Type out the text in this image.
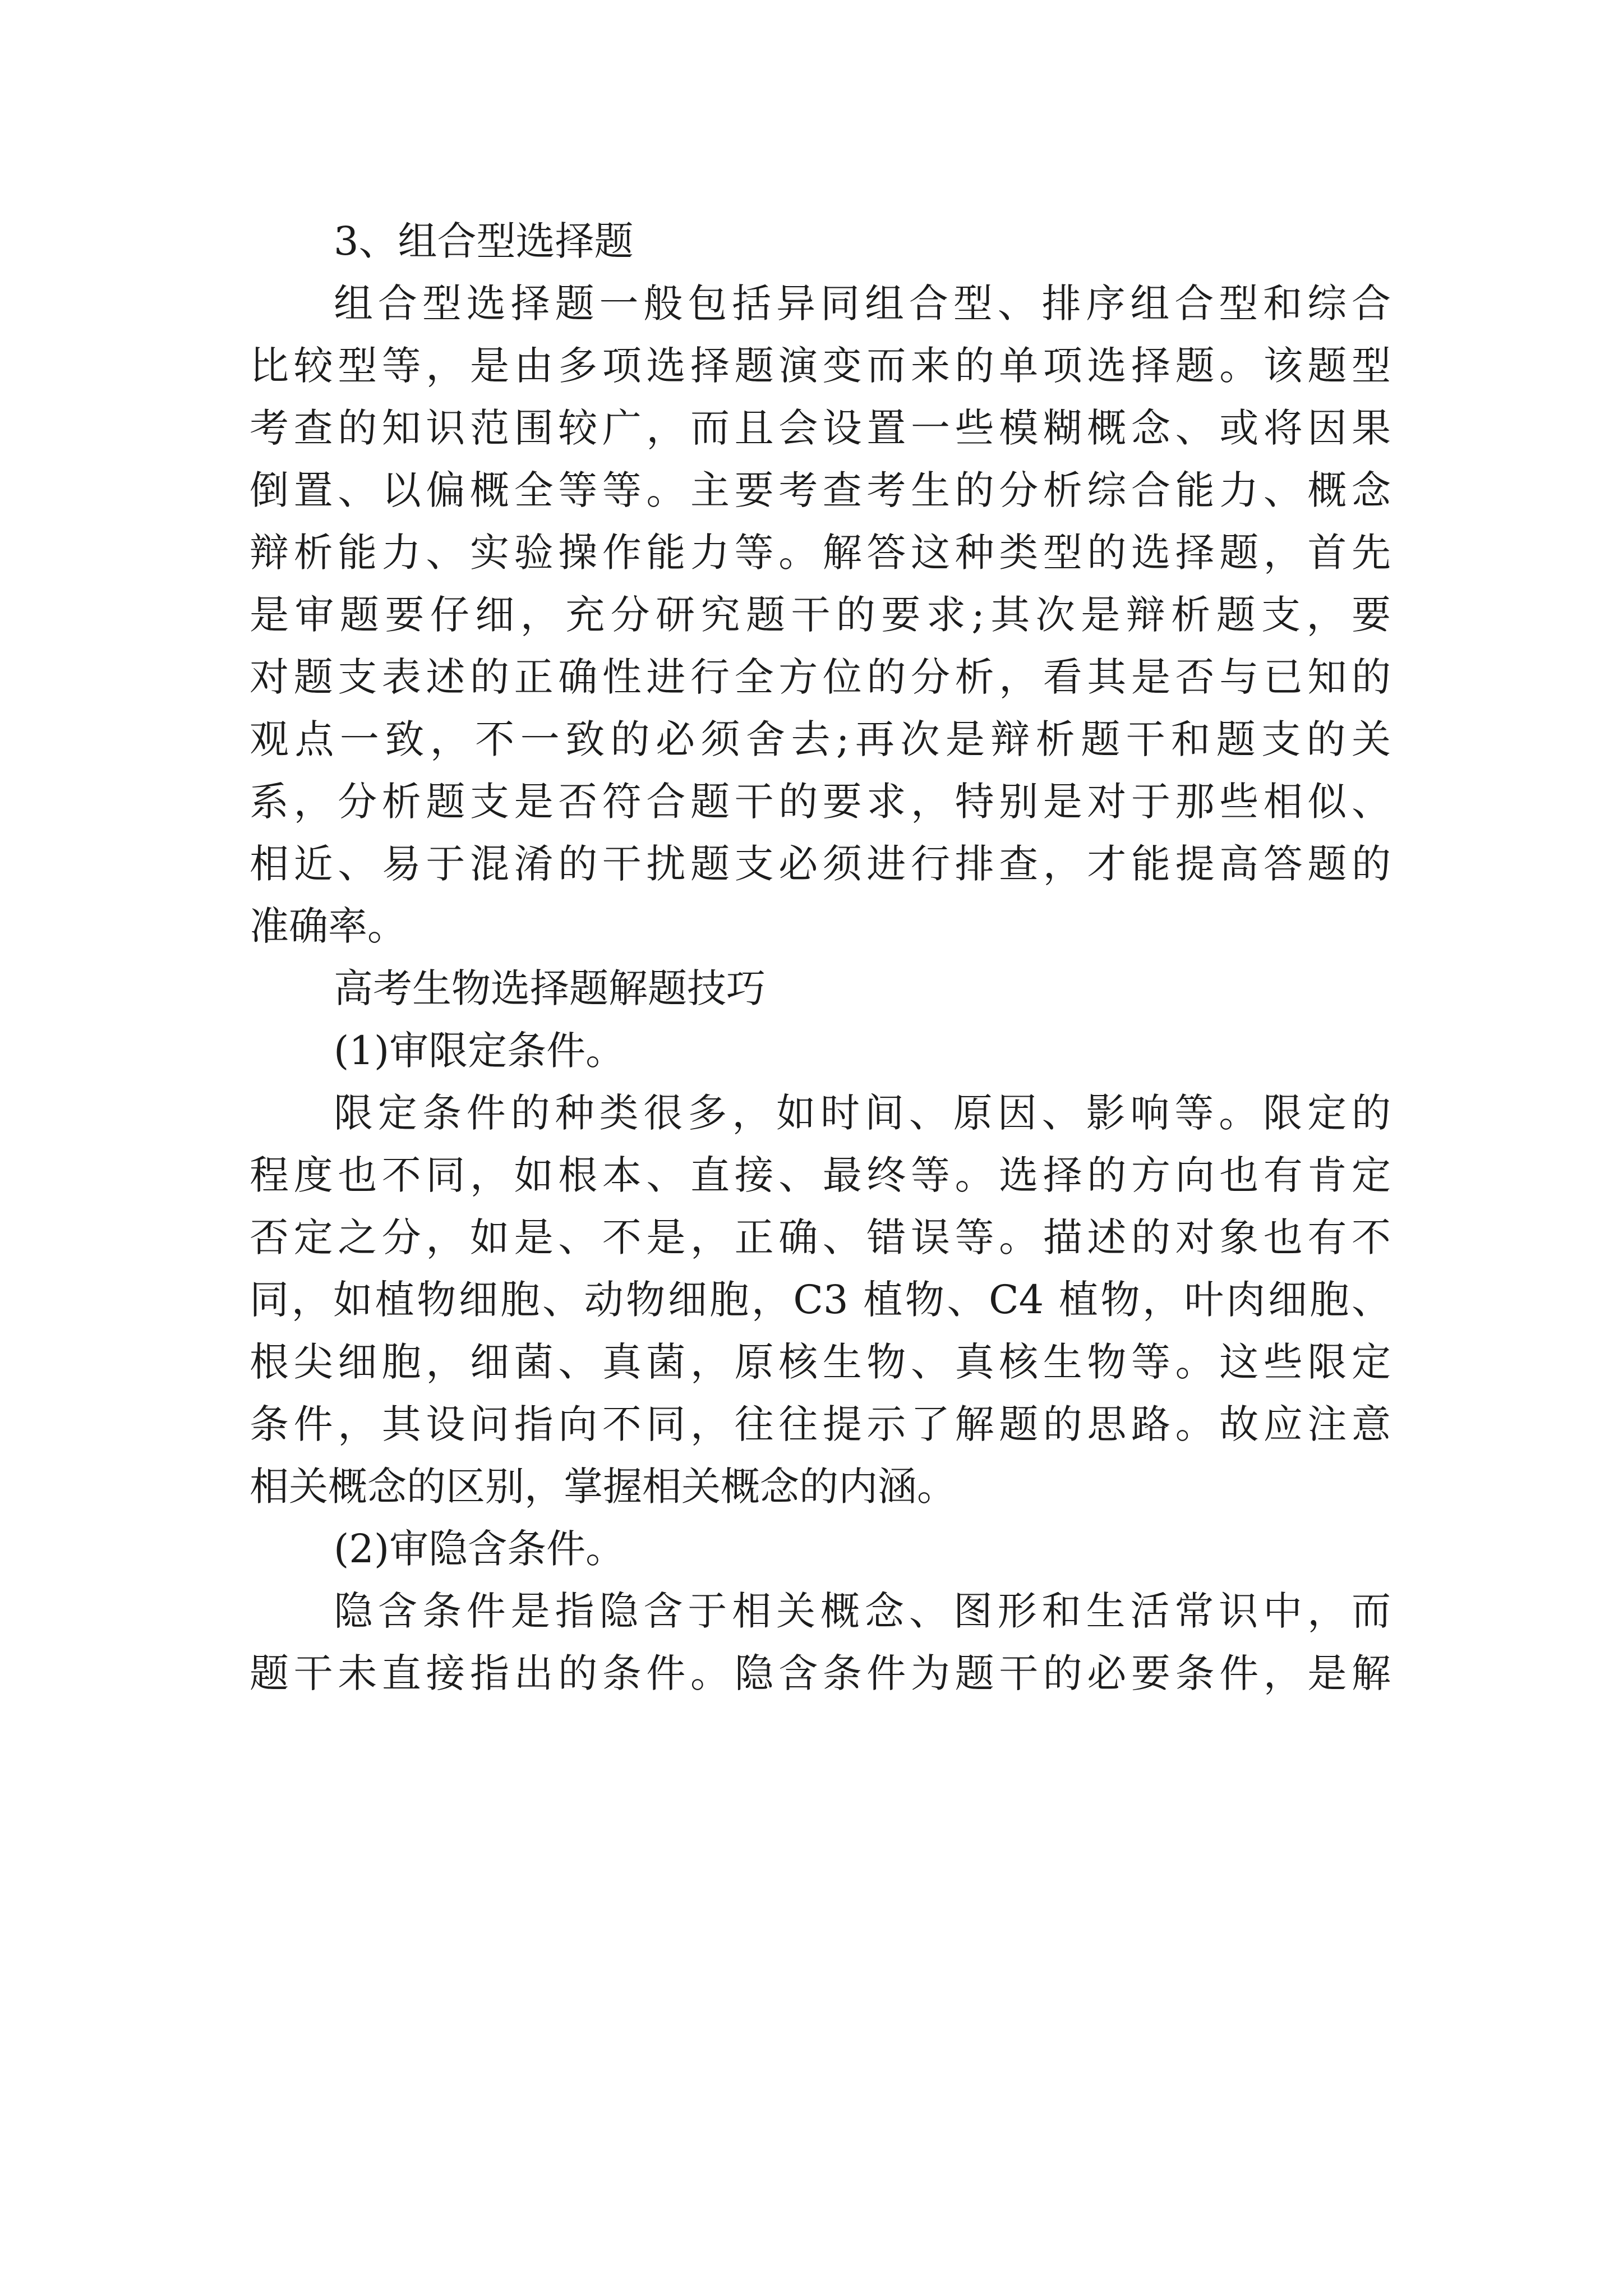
3、组合型选择题
组合型选择题一般包括异同组合型、排序组合型和综合
比较型等，是由多项选择题演变而来的单项选择题。该题型
考查的知识范围较广，而且会设置一些模糊概念、或将因果
倒置、以偏概全等等。主要考查考生的分析综合能力、概念
辩析能力、实验操作能力等。解答这种类型的选择题，首先
是审题要仔细，充分研究题干的要求;其次是辩析题支，要
对题支表述的正确性进行全方位的分析，看其是否与已知的
观点一致，不一致的必须舍去;再次是辩析题干和题支的关
系，分析题支是否符合题干的要求，特别是对于那些相似、
相近、易于混淆的干扰题支必须进行排查，才能提高答题的
准确率。
高考生物选择题解题技巧
(1)审限定条件。
限定条件的种类很多，如时间、原因、影响等。限定的
程度也不同，如根本、直接、最终等。选择的方向也有肯定
否定之分，如是、不是，正确、错误等。描述的对象也有不
同，如植物细胞、动物细胞，C3 植物、C4 植物，叶肉细胞、
根尖细胞，细菌、真菌，原核生物、真核生物等。这些限定
条件，其设问指向不同，往往提示了解题的思路。故应注意
相关概念的区别，掌握相关概念的内涵。
(2)审隐含条件。
隐含条件是指隐含于相关概念、图形和生活常识中，而
题干未直接指出的条件。隐含条件为题干的必要条件，是解
